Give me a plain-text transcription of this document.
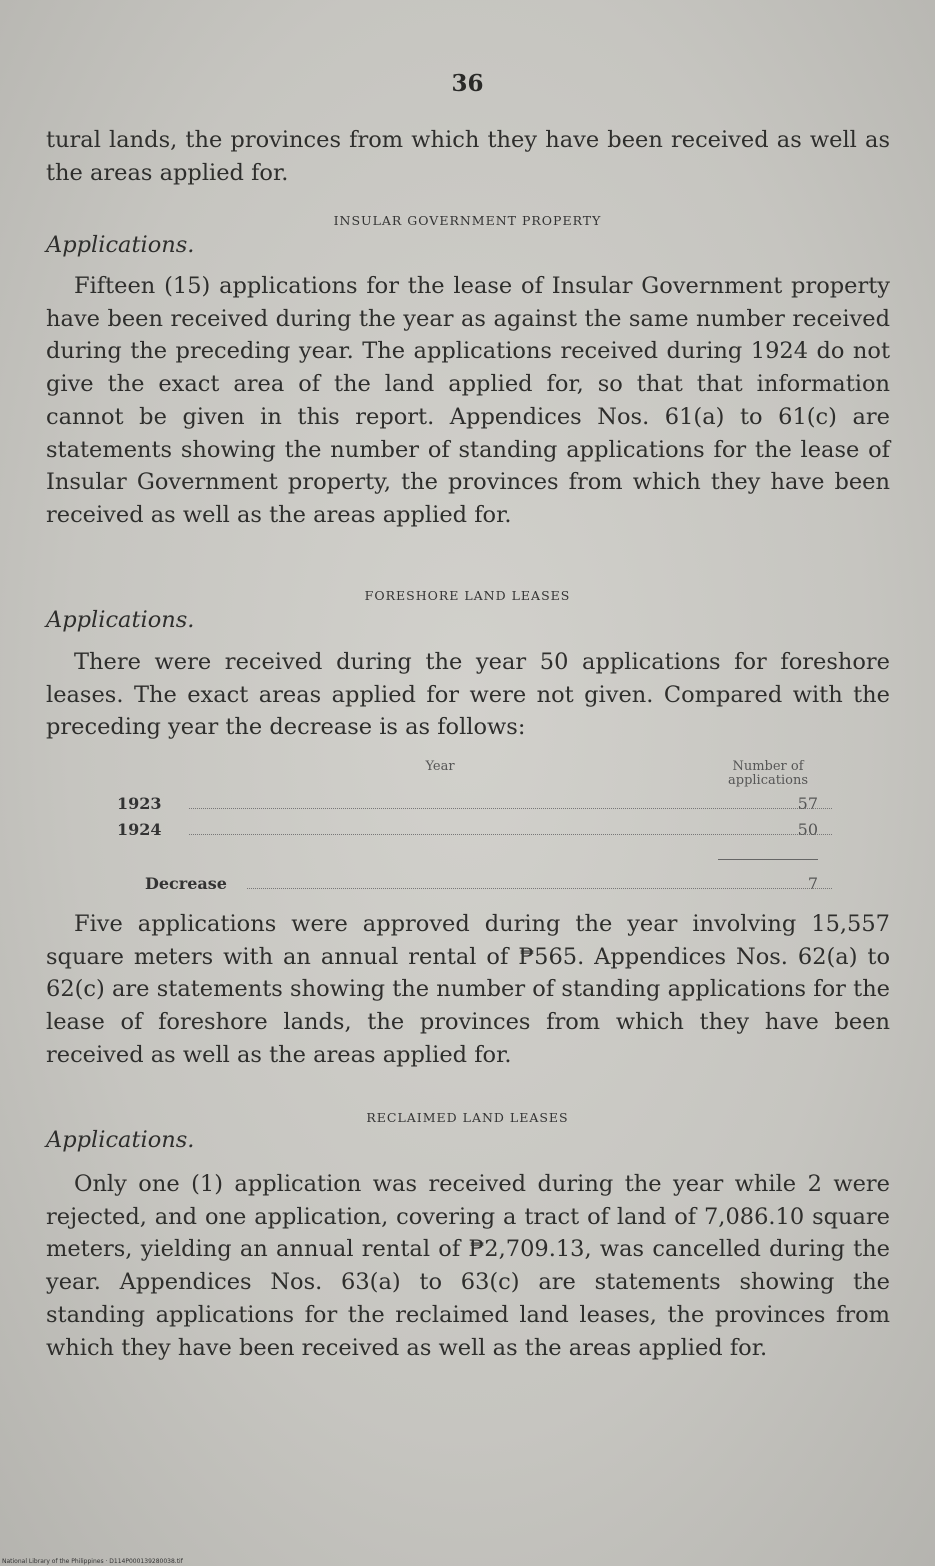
36

tural lands, the provinces from which they have been received as well as the areas applied for.

INSULAR GOVERNMENT PROPERTY
Applications.

Fifteen (15) applications for the lease of Insular Government property have been received during the year as against the same number received during the preceding year. The applications received during 1924 do not give the exact area of the land applied for, so that that information cannot be given in this report. Appendices Nos. 61(a) to 61(c) are statements showing the number of standing applications for the lease of Insular Government property, the provinces from which they have been received as well as the areas applied for.

FORESHORE LAND LEASES
Applications.

There were received during the year 50 applications for foreshore leases. The exact areas applied for were not given. Compared with the preceding year the decrease is as follows:

Year	Number of applications
1923	57
1924	50
Decrease	7

Five applications were approved during the year involving 15,557 square meters with an annual rental of ₱565. Appendices Nos. 62(a) to 62(c) are statements showing the number of standing applications for the lease of foreshore lands, the provinces from which they have been received as well as the areas applied for.

RECLAIMED LAND LEASES
Applications.

Only one (1) application was received during the year while 2 were rejected, and one application, covering a tract of land of 7,086.10 square meters, yielding an annual rental of ₱2,709.13, was cancelled during the year. Appendices Nos. 63(a) to 63(c) are statements showing the standing applications for the reclaimed land leases, the provinces from which they have been received as well as the areas applied for.

National Library of the Philippines · D114P000139280038.tif
